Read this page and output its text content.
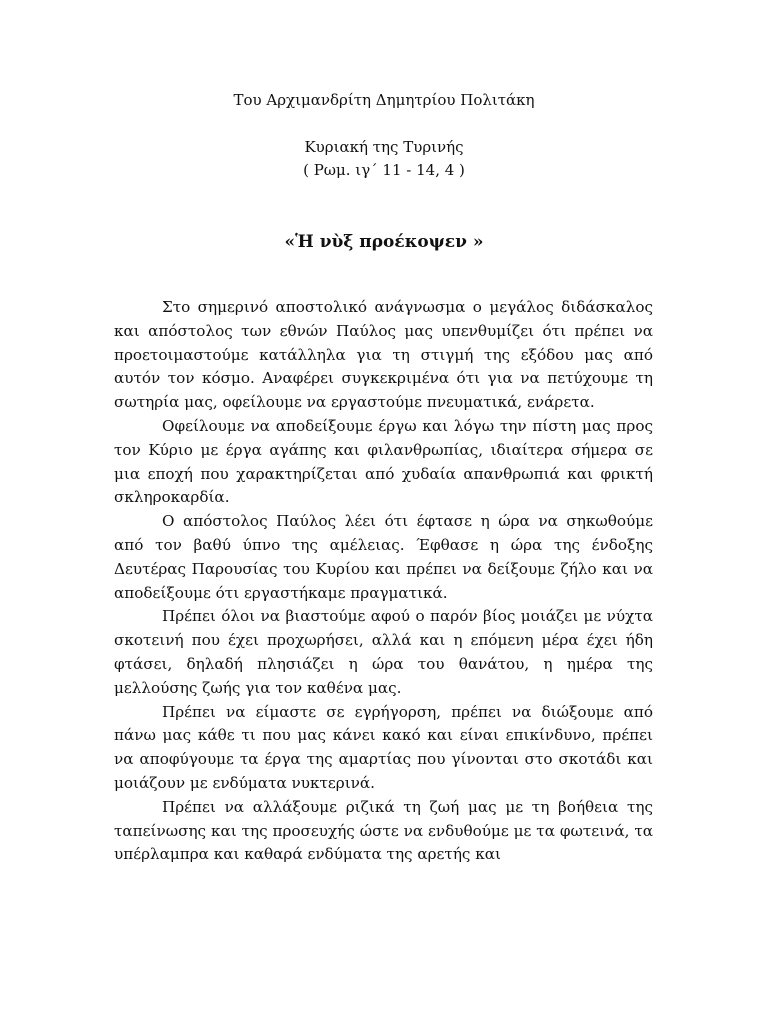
Του Αρχιμανδρίτη Δημητρίου Πολιτάκη
Κυριακή της Τυρινής
( Ρωμ. ιγ΄ 11 - 14, 4 )
«Ἡ νὺξ προέκοψεν »

Στο σημερινό αποστολικό ανάγνωσμα ο μεγάλος διδάσκαλος και απόστολος των εθνών Παύλος μας υπενθυμίζει ότι πρέπει να προετοιμαστούμε κατάλληλα για τη στιγμή της εξόδου μας από αυτόν τον κόσμο. Αναφέρει συγκεκριμένα ότι για να πετύχουμε τη σωτηρία μας, οφείλουμε να εργαστούμε πνευματικά, ενάρετα.

Οφείλουμε να αποδείξουμε έργω και λόγω την πίστη μας προς τον Κύριο με έργα αγάπης και φιλανθρωπίας, ιδιαίτερα σήμερα σε μια εποχή που χαρακτηρίζεται από χυδαία απανθρωπιά και φρικτή σκληροκαρδία.

Ο απόστολος Παύλος λέει ότι έφτασε η ώρα να σηκωθούμε από τον βαθύ ύπνο της αμέλειας. Έφθασε η ώρα της ένδοξης Δευτέρας Παρουσίας του Κυρίου και πρέπει να δείξουμε ζήλο και να αποδείξουμε ότι εργαστήκαμε πραγματικά.

Πρέπει όλοι να βιαστούμε αφού ο παρόν βίος μοιάζει με νύχτα σκοτεινή που έχει προχωρήσει, αλλά και η επόμενη μέρα έχει ήδη φτάσει, δηλαδή πλησιάζει η ώρα του θανάτου, η ημέρα της μελλούσης ζωής για τον καθένα μας.

Πρέπει να είμαστε σε εγρήγορση, πρέπει να διώξουμε από πάνω μας κάθε τι που μας κάνει κακό και είναι επικίνδυνο, πρέπει να αποφύγουμε τα έργα της αμαρτίας που γίνονται στο σκοτάδι και μοιάζουν με ενδύματα νυκτερινά.

Πρέπει να αλλάξουμε ριζικά τη ζωή μας με τη βοήθεια της ταπείνωσης και της προσευχής ώστε να ενδυθούμε με τα φωτεινά, τα υπέρλαμπρα και καθαρά ενδύματα της αρετής και
